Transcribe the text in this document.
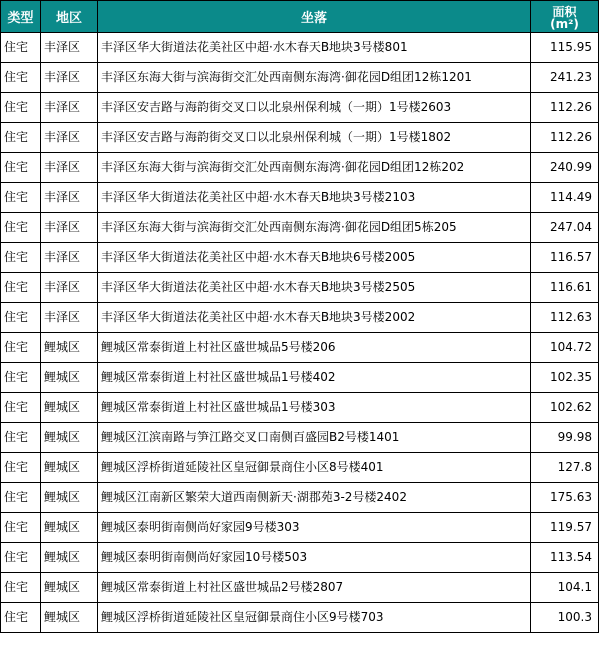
类型	地区	坐落	面积
(m²)

住宅	丰泽区	丰泽区华大街道法花美社区中超·水木春天B地块3号楼801	115.95
住宅	丰泽区	丰泽区东海大街与滨海街交汇处西南侧东海湾·御花园D组团12栋1201	241.23
住宅	丰泽区	丰泽区安吉路与海韵街交叉口以北泉州保利城（一期）1号楼2603	112.26
住宅	丰泽区	丰泽区安吉路与海韵街交叉口以北泉州保利城（一期）1号楼1802	112.26
住宅	丰泽区	丰泽区东海大街与滨海街交汇处西南侧东海湾·御花园D组团12栋202	240.99
住宅	丰泽区	丰泽区华大街道法花美社区中超·水木春天B地块3号楼2103	114.49
住宅	丰泽区	丰泽区东海大街与滨海街交汇处西南侧东海湾·御花园D组团5栋205	247.04
住宅	丰泽区	丰泽区华大街道法花美社区中超·水木春天B地块6号楼2005	116.57
住宅	丰泽区	丰泽区华大街道法花美社区中超·水木春天B地块3号楼2505	116.61
住宅	丰泽区	丰泽区华大街道法花美社区中超·水木春天B地块3号楼2002	112.63
住宅	鲤城区	鲤城区常泰街道上村社区盛世城品5号楼206	104.72
住宅	鲤城区	鲤城区常泰街道上村社区盛世城品1号楼402	102.35
住宅	鲤城区	鲤城区常泰街道上村社区盛世城品1号楼303	102.62
住宅	鲤城区	鲤城区江滨南路与笋江路交叉口南侧百盛园B2号楼1401	99.98
住宅	鲤城区	鲤城区浮桥街道延陵社区皇冠御景商住小区8号楼401	127.8
住宅	鲤城区	鲤城区江南新区繁荣大道西南侧新天·湖郡苑3-2号楼2402	175.63
住宅	鲤城区	鲤城区泰明街南侧尚好家园9号楼303	119.57
住宅	鲤城区	鲤城区泰明街南侧尚好家园10号楼503	113.54
住宅	鲤城区	鲤城区常泰街道上村社区盛世城品2号楼2807	104.1
住宅	鲤城区	鲤城区浮桥街道延陵社区皇冠御景商住小区9号楼703	100.3
